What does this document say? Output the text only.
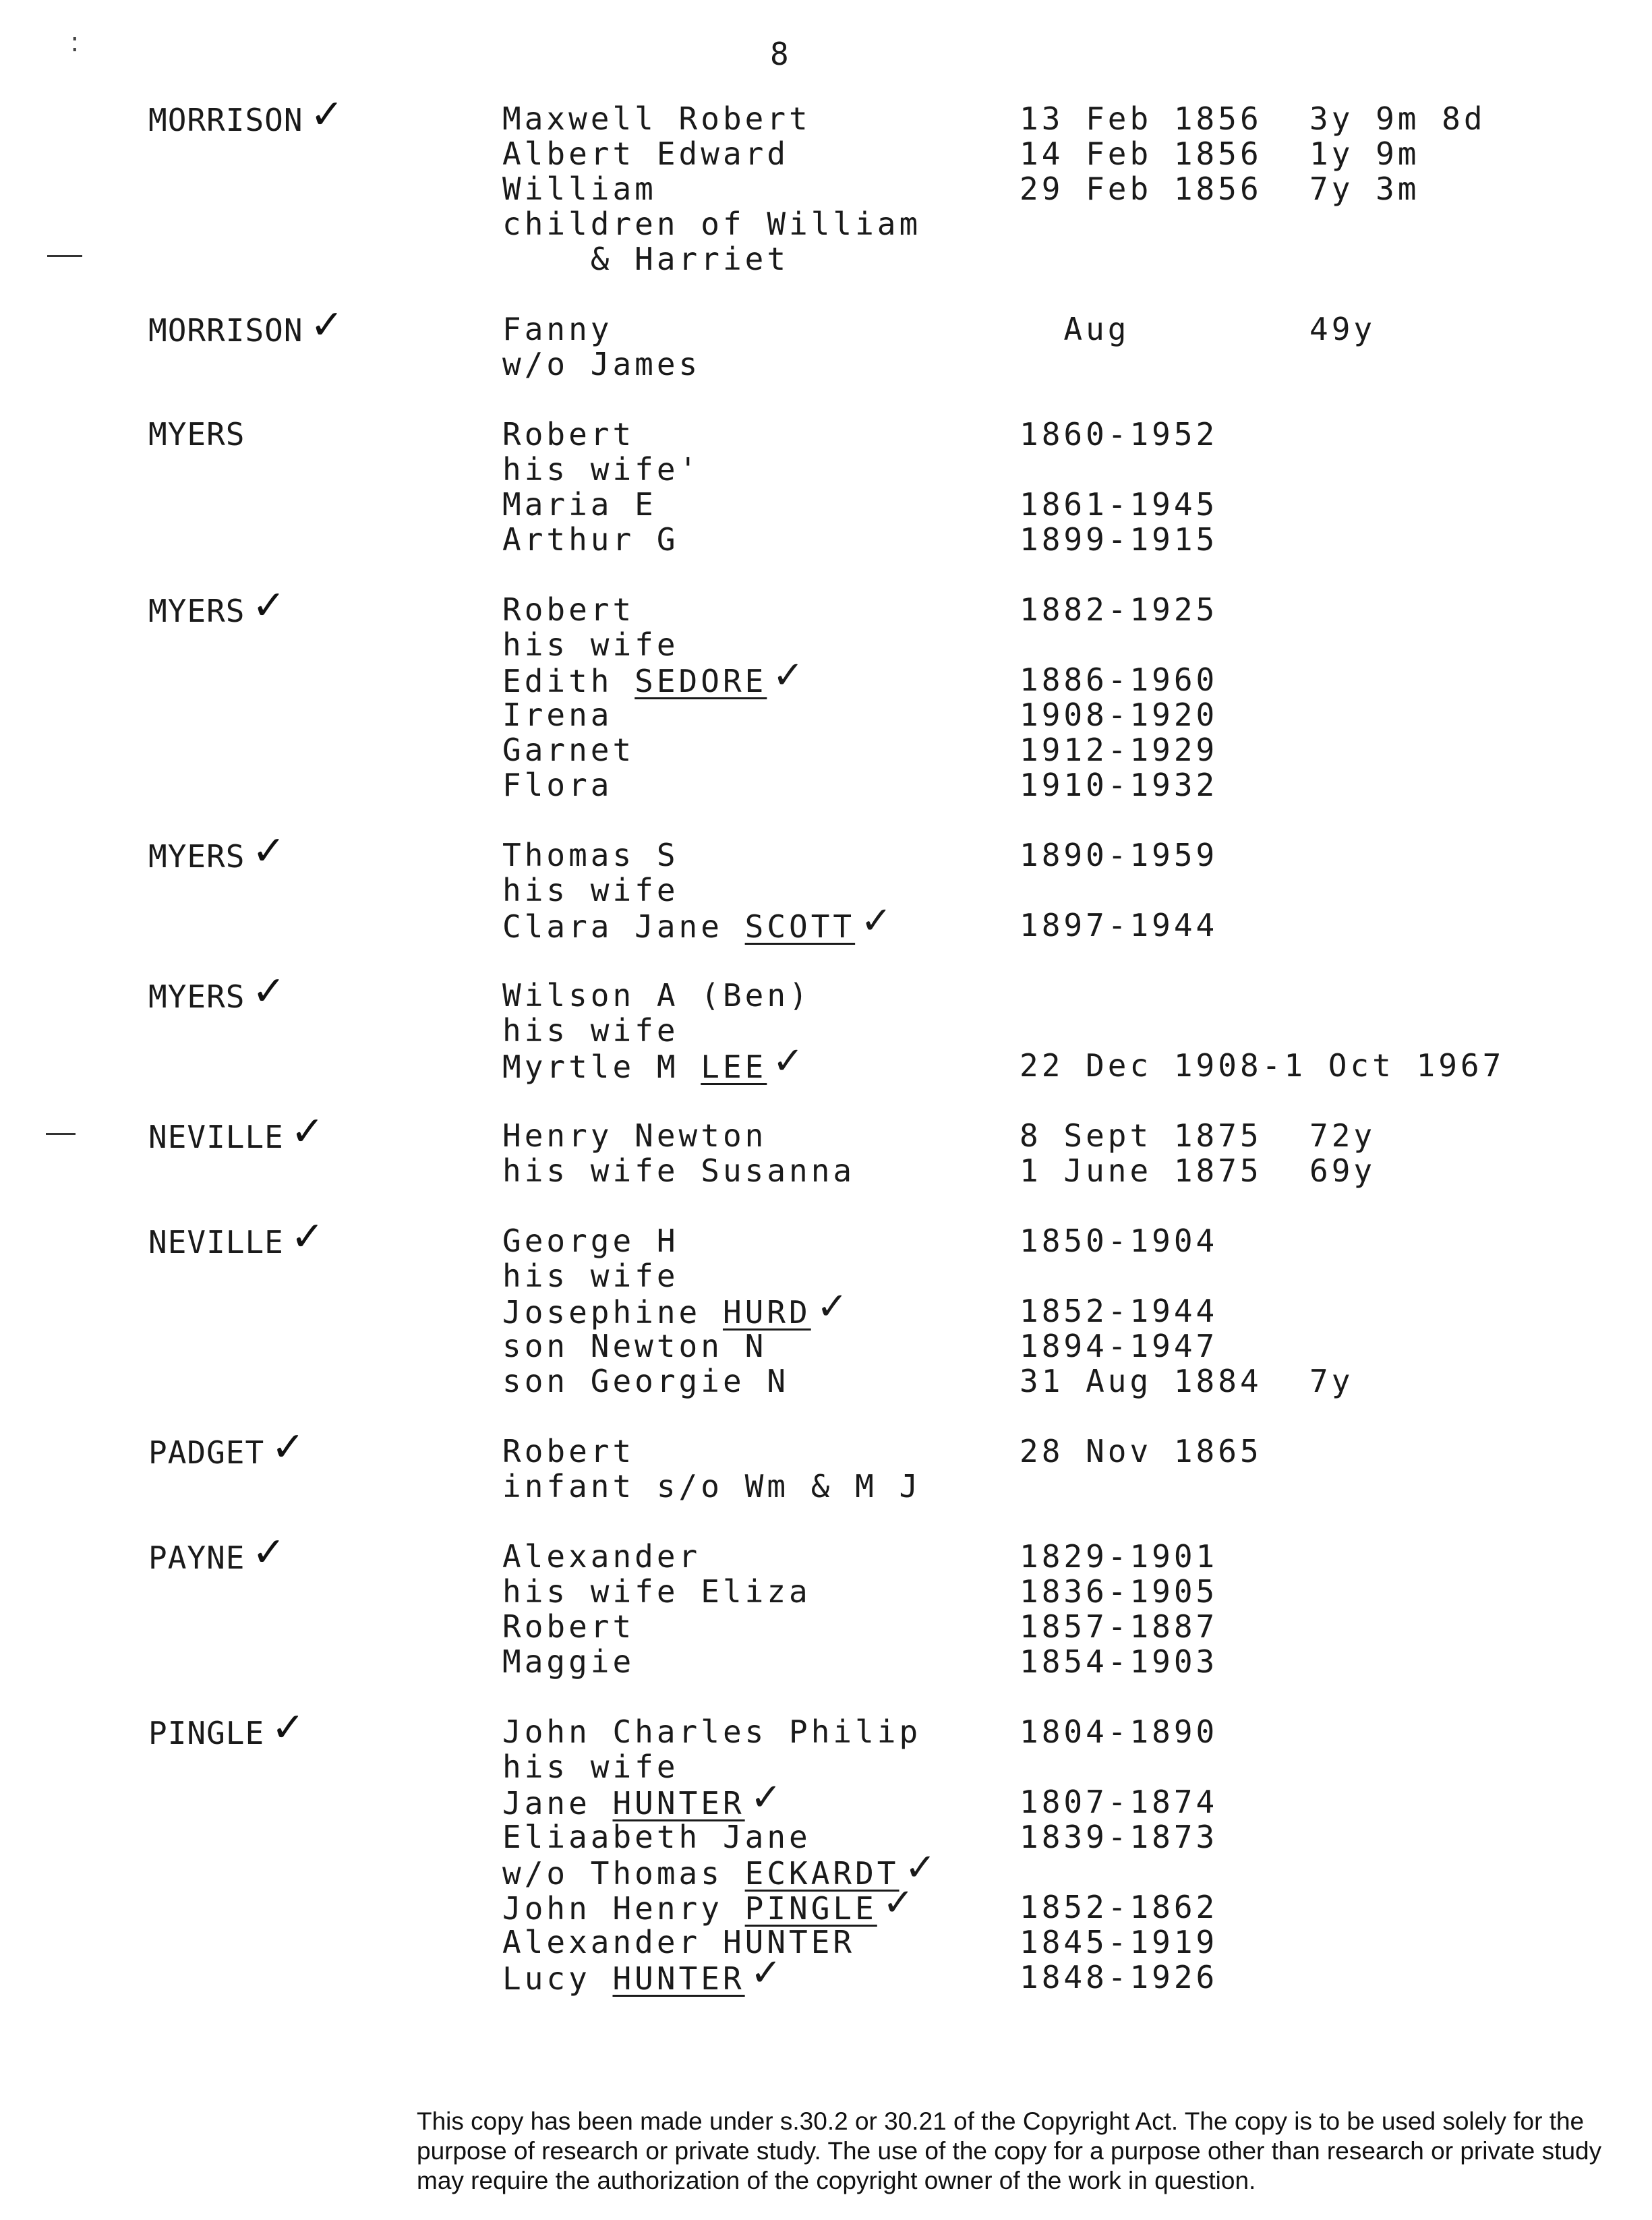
8
:
MORRISON ✓	Maxwell Robert	13 Feb 1856 3y 9m 8d
Albert Edward	14 Feb 1856 1y 9m
William	29 Feb 1856 7y 3m
children of William
& Harriet
MORRISON ✓	Fanny	Aug	49y
w/o James
MYERS	Robert	1860-1952
his wife'
Maria E	1861-1945
Arthur G	1899-1915
MYERS ✓	Robert	1882-1925
his wife
Edith SEDORE ✓	1886-1960
Irena	1908-1920
Garnet	1912-1929
Flora	1910-1932
MYERS ✓	Thomas S	1890-1959
his wife
Clara Jane SCOTT ✓	1897-1944
MYERS ✓	Wilson A (Ben)
his wife
Myrtle M LEE ✓	22 Dec 1908-1 Oct 1967
NEVILLE ✓	Henry Newton	8 Sept 1875 72y
his wife Susanna	1 June 1875 69y
NEVILLE ✓	George H	1850-1904
his wife
Josephine HURD ✓	1852-1944
son Newton N	1894-1947
son Georgie N	31 Aug 1884 7y
PADGET ✓	Robert	28 Nov 1865
infant s/o Wm & M J
PAYNE ✓	Alexander	1829-1901
his wife Eliza	1836-1905
Robert	1857-1887
Maggie	1854-1903
PINGLE ✓	John Charles Philip	1804-1890
his wife
Jane HUNTER ✓	1807-1874
Eliaabeth Jane	1839-1873
w/o Thomas ECKARDT ✓
John Henry PINGLE ✓	1852-1862
Alexander HUNTER	1845-1919
Lucy HUNTER ✓	1848-1926
This copy has been made under s.30.2 or 30.21 of the Copyright Act. The copy is to be used solely for the purpose of research or private study. The use of the copy for a purpose other than research or private study may require the authorization of the copyright owner of the work in question.
